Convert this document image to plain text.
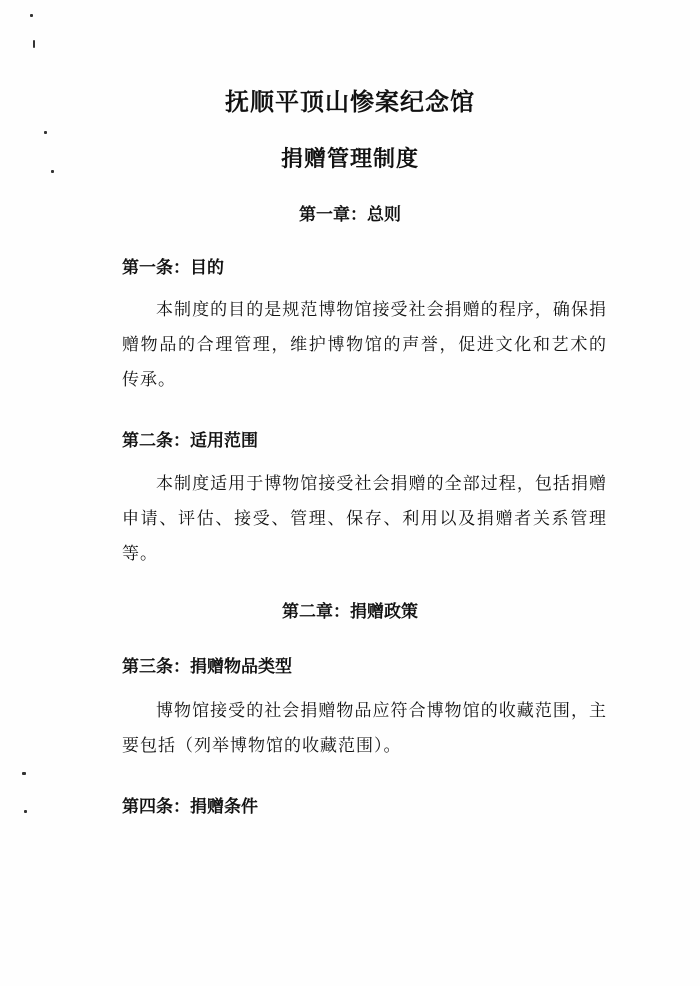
抚顺平顶山惨案纪念馆
捐赠管理制度
第一章：总则
第一条：目的

本制度的目的是规范博物馆接受社会捐赠的程序，确保捐赠物品的合理管理，维护博物馆的声誉，促进文化和艺术的传承。

第二条：适用范围

本制度适用于博物馆接受社会捐赠的全部过程，包括捐赠申请、评估、接受、管理、保存、利用以及捐赠者关系管理等。

第二章：捐赠政策
第三条：捐赠物品类型

博物馆接受的社会捐赠物品应符合博物馆的收藏范围，主要包括（列举博物馆的收藏范围）。

第四条：捐赠条件
